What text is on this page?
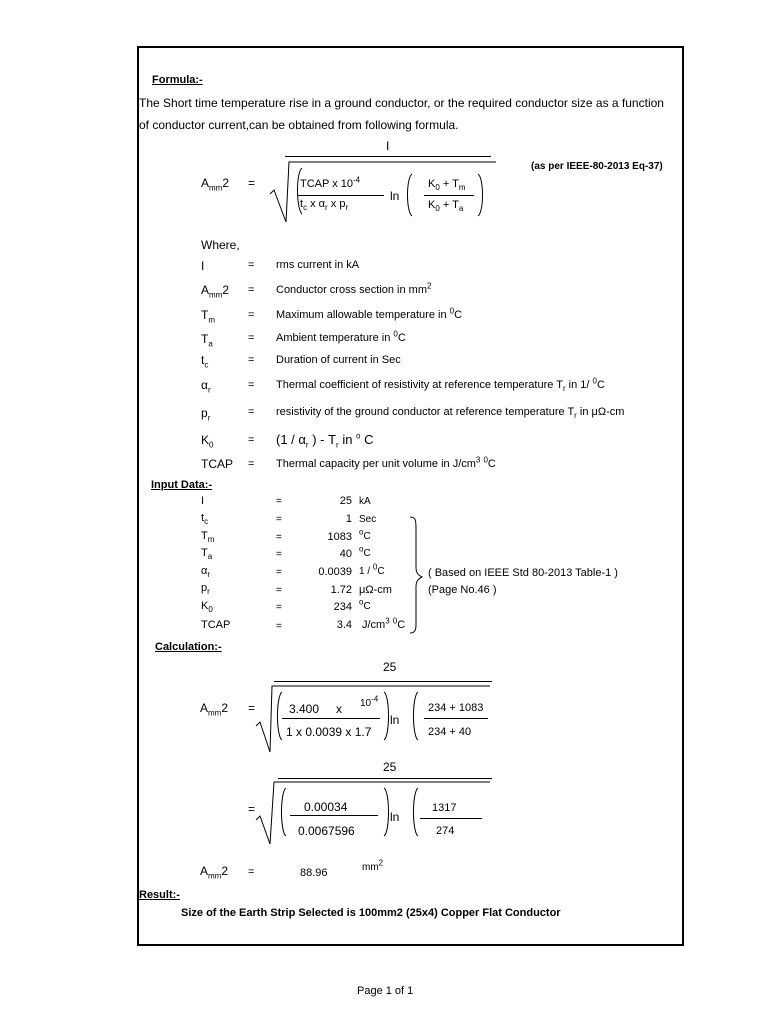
Formula:-
The Short time temperature rise in a ground conductor, or the required conductor size as a function
of conductor current,can be obtained from following formula.
I
$A_{mm}2$ =	TCAP x $10^{-4}$
$t_c$ x $\alpha_r$ x $p_r$
ln
$K_0 + T_m$
$K_0 + T_a$
(as per IEEE-80-2013 Eq-37)
Where,
I	= rms current in kA
$A_{mm}2$ = Conductor cross section in $mm^2$
$T_m$	= Maximum allowable temperature in $^0$C
$T_a$	= Ambient temperature in $^0$C
$t_c$	= Duration of current in Sec
$\alpha_r$	= Thermal coefficient of resistivity at reference temperature $T_r$ in 1/ $^0$C
$p_r$	= resistivity of the ground conductor at reference temperature $T_r$ in μΩ-cm
$K_0$	= ($1 / \alpha_r$ ) - $T_r$ in $^o$ C
TCAP = Thermal capacity per unit volume in $J/cm^3$ $^0$C
Input Data:-
I	=	25 kA
$t_c$	=	1 Sec
$T_m$	=	1083 $^o$C
$T_a$	=	40 $^o$C
$\alpha_r$	=	0.0039 1 / $^0$C
$p_r$	=	1.72 μΩ-cm
$K_0$	=	234 $^o$C
TCAP	=	3.4 $J/cm^3$ $^0$C
( Based on IEEE Std 80-2013 Table-1 )
(Page No.46 )
Calculation:-
25
$A_{mm}2$ =	3.400 x $10^{-4}$
1 x 0.0039 x 1.7
ln
234 + 1083
234 + 40
25
=	0.00034
0.0067596
ln
1317
274
$A_{mm}2$ =	88.96	$mm^2$
Result:-
Size of the Earth Strip Selected is 100mm2 (25x4) Copper Flat Conductor
Page 1 of 1
